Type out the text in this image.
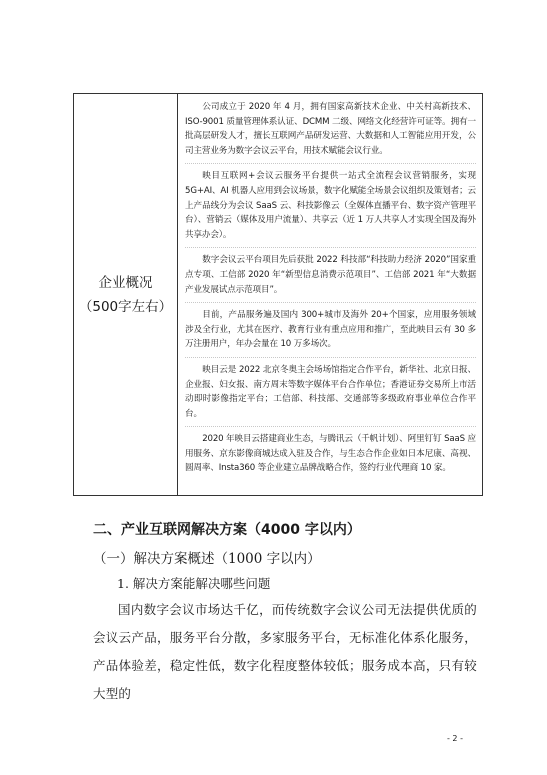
企业概况
（500字左右）

公司成立于 2020 年 4 月，拥有国家高新技术企业、中关村高新技术、ISO-9001 质量管理体系认证、DCMM 二级、网络文化经营许可证等。拥有一批高层研发人才，擅长互联网产品研发运营、大数据和人工智能应用开发，公司主营业务为数字会议云平台，用技术赋能会议行业。

映目互联网+会议云服务平台提供一站式全流程会议营销服务，实现 5G+AI、AI 机器人应用到会议场景，数字化赋能全场景会议组织及策划者；云上产品线分为会议 SaaS 云、科技影像云（全媒体直播平台、数字资产管理平台）、营销云（媒体及用户流量）、共享云（近 1 万人共享人才实现全国及海外共享办会）。

数字会议云平台项目先后获批 2022 科技部“科技助力经济 2020”国家重点专项、工信部 2020 年“新型信息消费示范项目”、工信部 2021 年“大数据产业发展试点示范项目”。

目前，产品服务遍及国内 300+城市及海外 20+个国家，应用服务领域涉及全行业，尤其在医疗、教育行业有重点应用和推广，至此映目云有 30 多万注册用户，年办会量在 10 万多场次。

映目云是 2022 北京冬奥主会场场馆指定合作平台，新华社、北京日报、企业报、妇女报、南方周末等数字媒体平台合作单位；香港证券交易所上市活动即时影像指定平台；工信部、科技部、交通部等多级政府事业单位合作平台。

2020 年映目云搭建商业生态，与腾讯云（千帆计划）、阿里钉钉 SaaS 应用服务、京东影像商城达成入驻及合作，与生态合作企业如日本尼康、高视、圆周率、Insta360 等企业建立品牌战略合作，签约行业代理商 10 家。

二、产业互联网解决方案（4000 字以内）
（一）解决方案概述（1000 字以内）
1. 解决方案能解决哪些问题

国内数字会议市场达千亿，而传统数字会议公司无法提供优质的会议云产品，服务平台分散，多家服务平台，无标准化体系化服务，产品体验差，稳定性低，数字化程度整体较低；服务成本高，只有较大型的

- 2 -
